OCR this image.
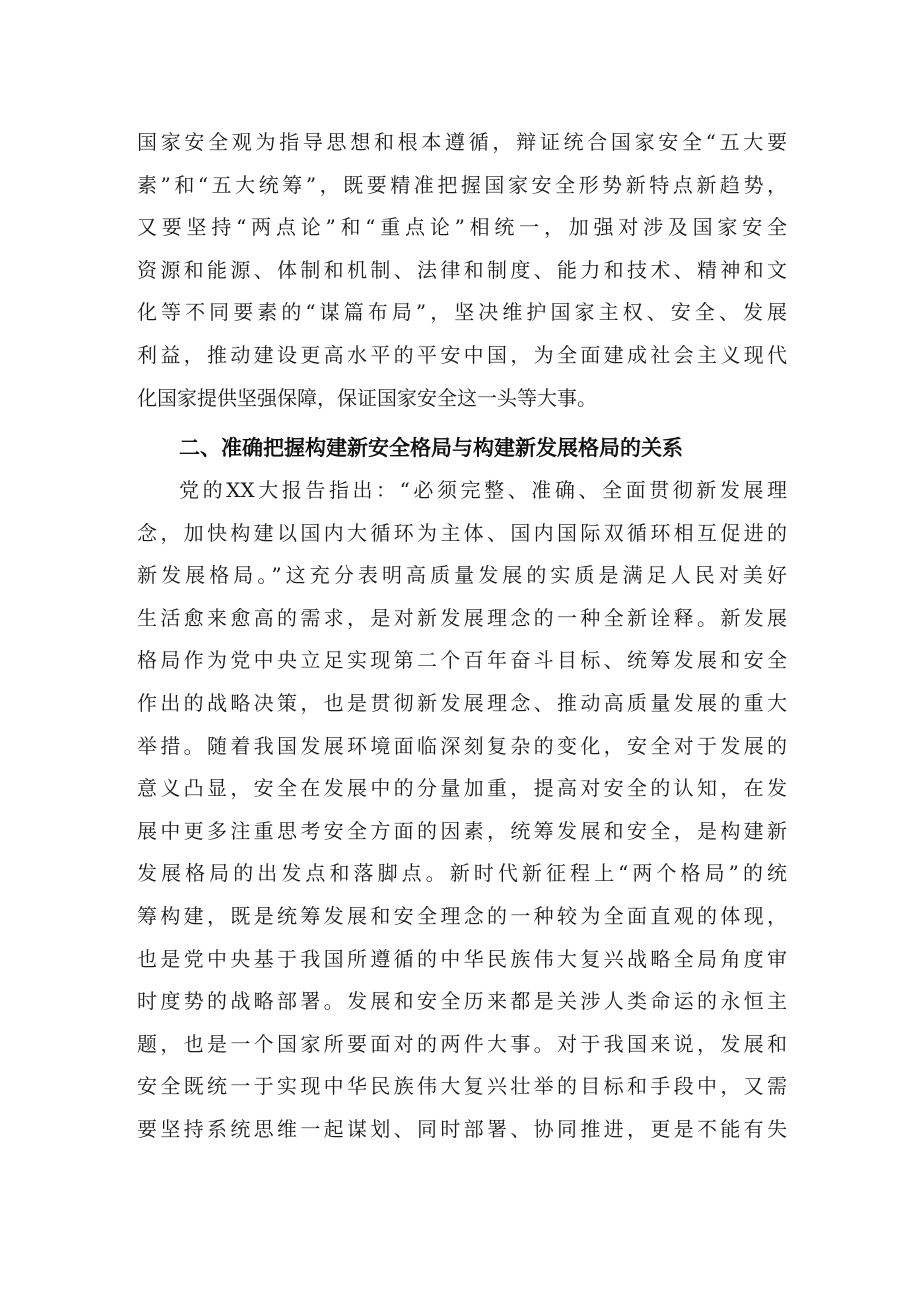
国家安全观为指导思想和根本遵循，辩证统合国家安全“五大要
素”和“五大统筹”，既要精准把握国家安全形势新特点新趋势，
又要坚持“两点论”和“重点论”相统一，加强对涉及国家安全
资源和能源、体制和机制、法律和制度、能力和技术、精神和文
化等不同要素的“谋篇布局”，坚决维护国家主权、安全、发展
利益，推动建设更高水平的平安中国，为全面建成社会主义现代
化国家提供坚强保障，保证国家安全这一头等大事。
二、准确把握构建新安全格局与构建新发展格局的关系
党的XX大报告指出：“必须完整、准确、全面贯彻新发展理
念，加快构建以国内大循环为主体、国内国际双循环相互促进的
新发展格局。”这充分表明高质量发展的实质是满足人民对美好
生活愈来愈高的需求，是对新发展理念的一种全新诠释。新发展
格局作为党中央立足实现第二个百年奋斗目标、统筹发展和安全
作出的战略决策，也是贯彻新发展理念、推动高质量发展的重大
举措。随着我国发展环境面临深刻复杂的变化，安全对于发展的
意义凸显，安全在发展中的分量加重，提高对安全的认知，在发
展中更多注重思考安全方面的因素，统筹发展和安全，是构建新
发展格局的出发点和落脚点。新时代新征程上“两个格局”的统
筹构建，既是统筹发展和安全理念的一种较为全面直观的体现，
也是党中央基于我国所遵循的中华民族伟大复兴战略全局角度审
时度势的战略部署。发展和安全历来都是关涉人类命运的永恒主
题，也是一个国家所要面对的两件大事。对于我国来说，发展和
安全既统一于实现中华民族伟大复兴壮举的目标和手段中，又需
要坚持系统思维一起谋划、同时部署、协同推进，更是不能有失
